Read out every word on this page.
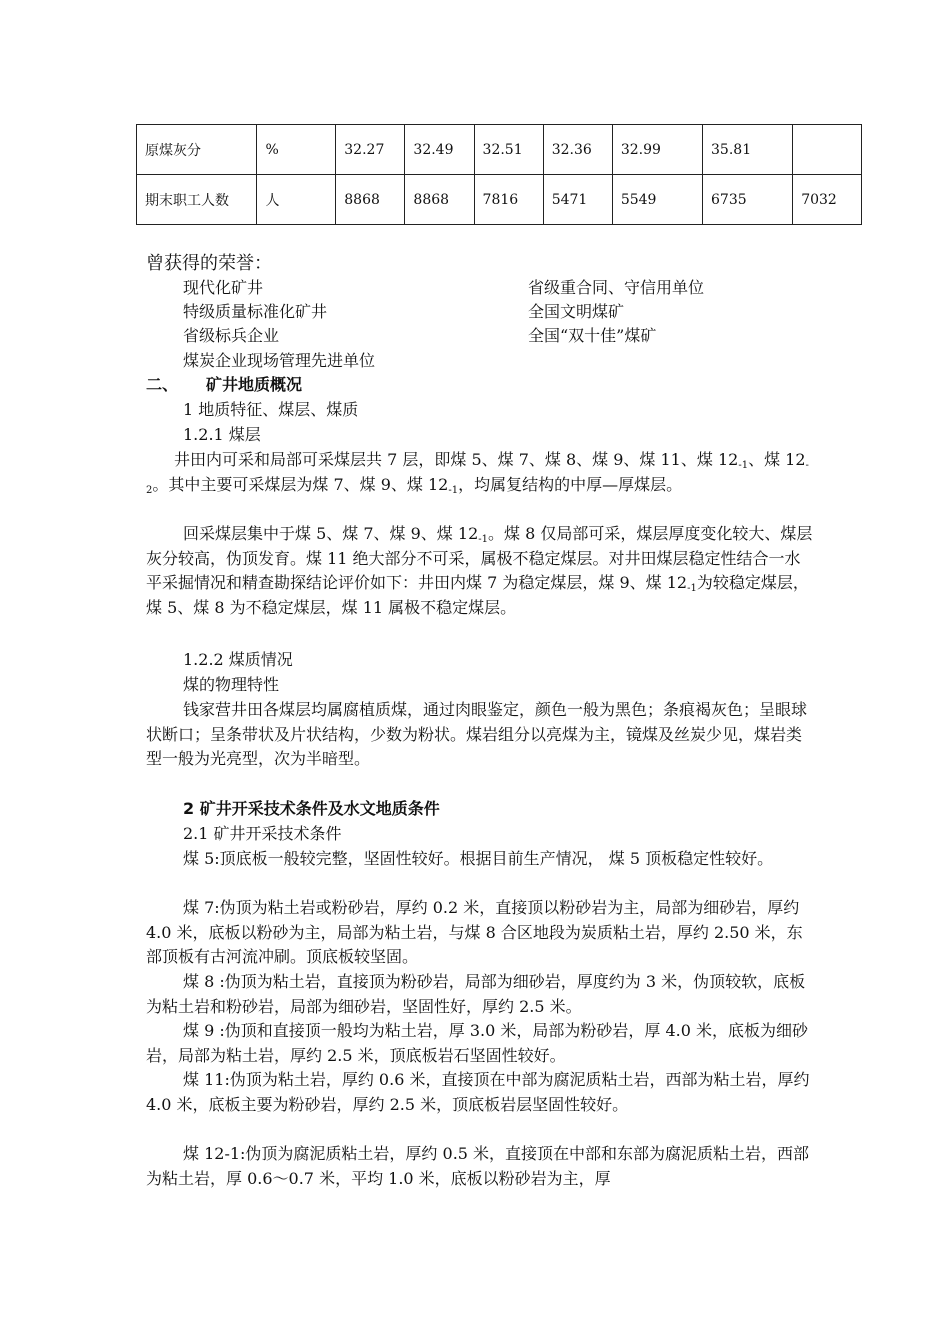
原煤灰分	%	32.27	32.49	32.51	32.36	32.99	35.81	
期末职工人数	人	8868	8868	7816	5471	5549	6735	7032
曾获得的荣誉：
现代化矿井
特级质量标准化矿井
省级标兵企业
煤炭企业现场管理先进单位
省级重合同、守信用单位
全国文明煤矿
全国“双十佳”煤矿
二、 矿井地质概况
1 地质特征、煤层、煤质
1.2.1 煤层
井田内可采和局部可采煤层共 7 层，即煤 5、煤 7、煤 8、煤 9、煤 11、煤 $12_{-1}$、煤 $12_{-2}$。其中主要可采煤层为煤 7、煤 9、煤 $12_{-1}$，均属复结构的中厚—厚煤层。
回采煤层集中于煤 5、煤 7、煤 9、煤 $12_{-1}$。煤 8 仅局部可采，煤层厚度变化较大、煤层灰分较高，伪顶发育。煤 11 绝大部分不可采，属极不稳定煤层。对井田煤层稳定性结合一水平采掘情况和精查勘探结论评价如下：井田内煤 7 为稳定煤层，煤 9、煤 $12_{-1}$为较稳定煤层，煤 5、煤 8 为不稳定煤层，煤 11 属极不稳定煤层。
1.2.2 煤质情况
煤的物理特性
钱家营井田各煤层均属腐植质煤，通过肉眼鉴定，颜色一般为黑色；条痕褐灰色；呈眼球状断口；呈条带状及片状结构，少数为粉状。煤岩组分以亮煤为主，镜煤及丝炭少见，煤岩类型一般为光亮型，次为半暗型。
2 矿井开采技术条件及水文地质条件
2.1 矿井开采技术条件
煤 5:顶底板一般较完整，坚固性较好。根据目前生产情况， 煤 5 顶板稳定性较好。
煤 7:伪顶为粘土岩或粉砂岩，厚约 0.2 米，直接顶以粉砂岩为主，局部为细砂岩，厚约 4.0 米，底板以粉砂为主，局部为粘土岩，与煤 8 合区地段为炭质粘土岩，厚约 2.50 米，东部顶板有古河流冲刷。顶底板较坚固。
煤 8 :伪顶为粘土岩，直接顶为粉砂岩，局部为细砂岩，厚度约为 3 米，伪顶较软，底板为粘土岩和粉砂岩，局部为细砂岩，坚固性好，厚约 2.5 米。
煤 9 :伪顶和直接顶一般均为粘土岩，厚 3.0 米，局部为粉砂岩，厚 4.0 米，底板为细砂岩，局部为粘土岩，厚约 2.5 米，顶底板岩石坚固性较好。
煤 11:伪顶为粘土岩，厚约 0.6 米，直接顶在中部为腐泥质粘土岩，西部为粘土岩，厚约 4.0 米，底板主要为粉砂岩，厚约 2.5 米，顶底板岩层坚固性较好。
煤 12-1:伪顶为腐泥质粘土岩，厚约 0.5 米，直接顶在中部和东部为腐泥质粘土岩，西部为粘土岩，厚 0.6～0.7 米，平均 1.0 米，底板以粉砂岩为主，厚
